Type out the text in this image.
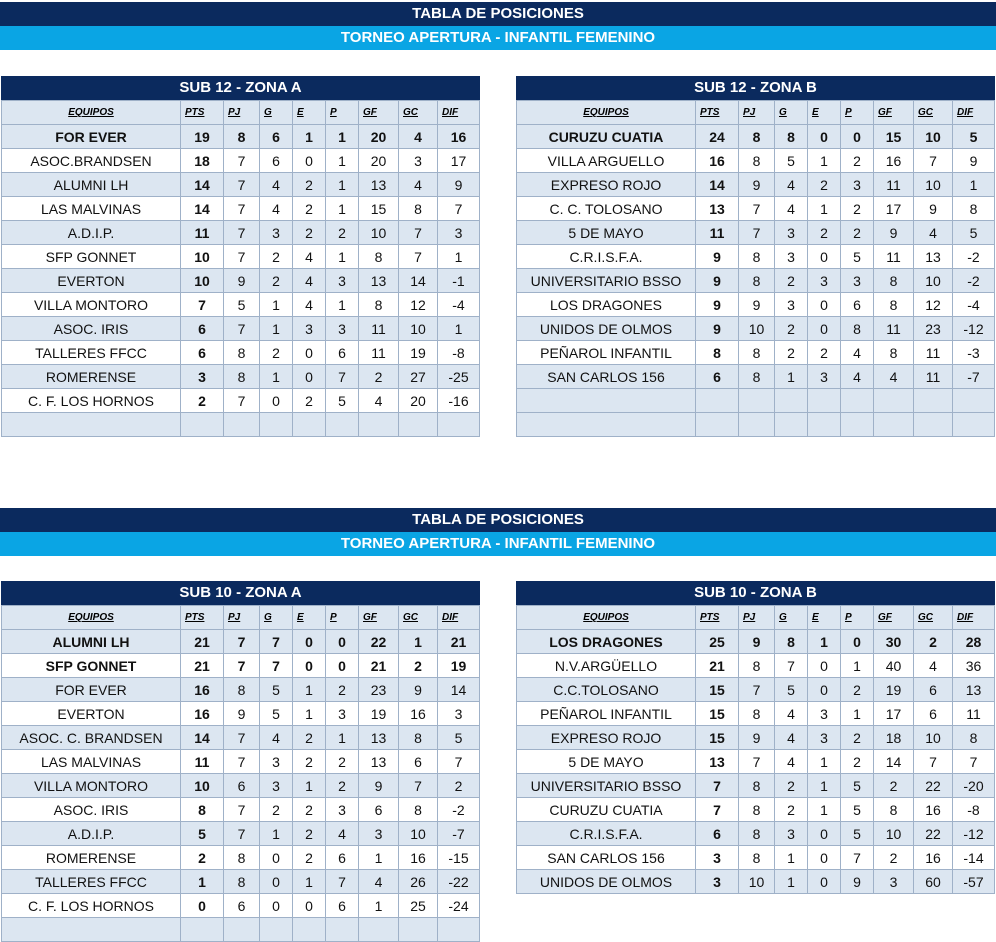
TABLA DE POSICIONES
TORNEO APERTURA - INFANTIL FEMENINO
TABLA DE POSICIONES
TORNEO APERTURA - INFANTIL FEMENINO
SUB 12 - ZONA A
EQUIPOS	PTS	PJ	G	E	P	GF	GC	DIF
FOR EVER	19	8	6	1	1	20	4	16
ASOC.BRANDSEN	18	7	6	0	1	20	3	17
ALUMNI LH	14	7	4	2	1	13	4	9
LAS MALVINAS	14	7	4	2	1	15	8	7
A.D.I.P.	11	7	3	2	2	10	7	3
SFP GONNET	10	7	2	4	1	8	7	1
EVERTON	10	9	2	4	3	13	14	-1
VILLA MONTORO	7	5	1	4	1	8	12	-4
ASOC. IRIS	6	7	1	3	3	11	10	1
TALLERES FFCC	6	8	2	0	6	11	19	-8
ROMERENSE	3	8	1	0	7	2	27	-25
C. F. LOS HORNOS	2	7	0	2	5	4	20	-16

SUB 12 - ZONA B
EQUIPOS	PTS	PJ	G	E	P	GF	GC	DIF
CURUZU CUATIA	24	8	8	0	0	15	10	5
VILLA ARGUELLO	16	8	5	1	2	16	7	9
EXPRESO ROJO	14	9	4	2	3	11	10	1
C. C. TOLOSANO	13	7	4	1	2	17	9	8
5 DE MAYO	11	7	3	2	2	9	4	5
C.R.I.S.F.A.	9	8	3	0	5	11	13	-2
UNIVERSITARIO BSSO	9	8	2	3	3	8	10	-2
LOS DRAGONES	9	9	3	0	6	8	12	-4
UNIDOS DE OLMOS	9	10	2	0	8	11	23	-12
PEÑAROL INFANTIL	8	8	2	2	4	8	11	-3
SAN CARLOS 156	6	8	1	3	4	4	11	-7

SUB 10 - ZONA A
EQUIPOS	PTS	PJ	G	E	P	GF	GC	DIF
ALUMNI LH	21	7	7	0	0	22	1	21
SFP GONNET	21	7	7	0	0	21	2	19
FOR EVER	16	8	5	1	2	23	9	14
EVERTON	16	9	5	1	3	19	16	3
ASOC. C. BRANDSEN	14	7	4	2	1	13	8	5
LAS MALVINAS	11	7	3	2	2	13	6	7
VILLA MONTORO	10	6	3	1	2	9	7	2
ASOC. IRIS	8	7	2	2	3	6	8	-2
A.D.I.P.	5	7	1	2	4	3	10	-7
ROMERENSE	2	8	0	2	6	1	16	-15
TALLERES FFCC	1	8	0	1	7	4	26	-22
C. F. LOS HORNOS	0	6	0	0	6	1	25	-24

SUB 10 - ZONA B
EQUIPOS	PTS	PJ	G	E	P	GF	GC	DIF
LOS DRAGONES	25	9	8	1	0	30	2	28
N.V.ARGÜELLO	21	8	7	0	1	40	4	36
C.C.TOLOSANO	15	7	5	0	2	19	6	13
PEÑAROL INFANTIL	15	8	4	3	1	17	6	11
EXPRESO ROJO	15	9	4	3	2	18	10	8
5 DE MAYO	13	7	4	1	2	14	7	7
UNIVERSITARIO BSSO	7	8	2	1	5	2	22	-20
CURUZU CUATIA	7	8	2	1	5	8	16	-8
C.R.I.S.F.A.	6	8	3	0	5	10	22	-12
SAN CARLOS 156	3	8	1	0	7	2	16	-14
UNIDOS DE OLMOS	3	10	1	0	9	3	60	-57
